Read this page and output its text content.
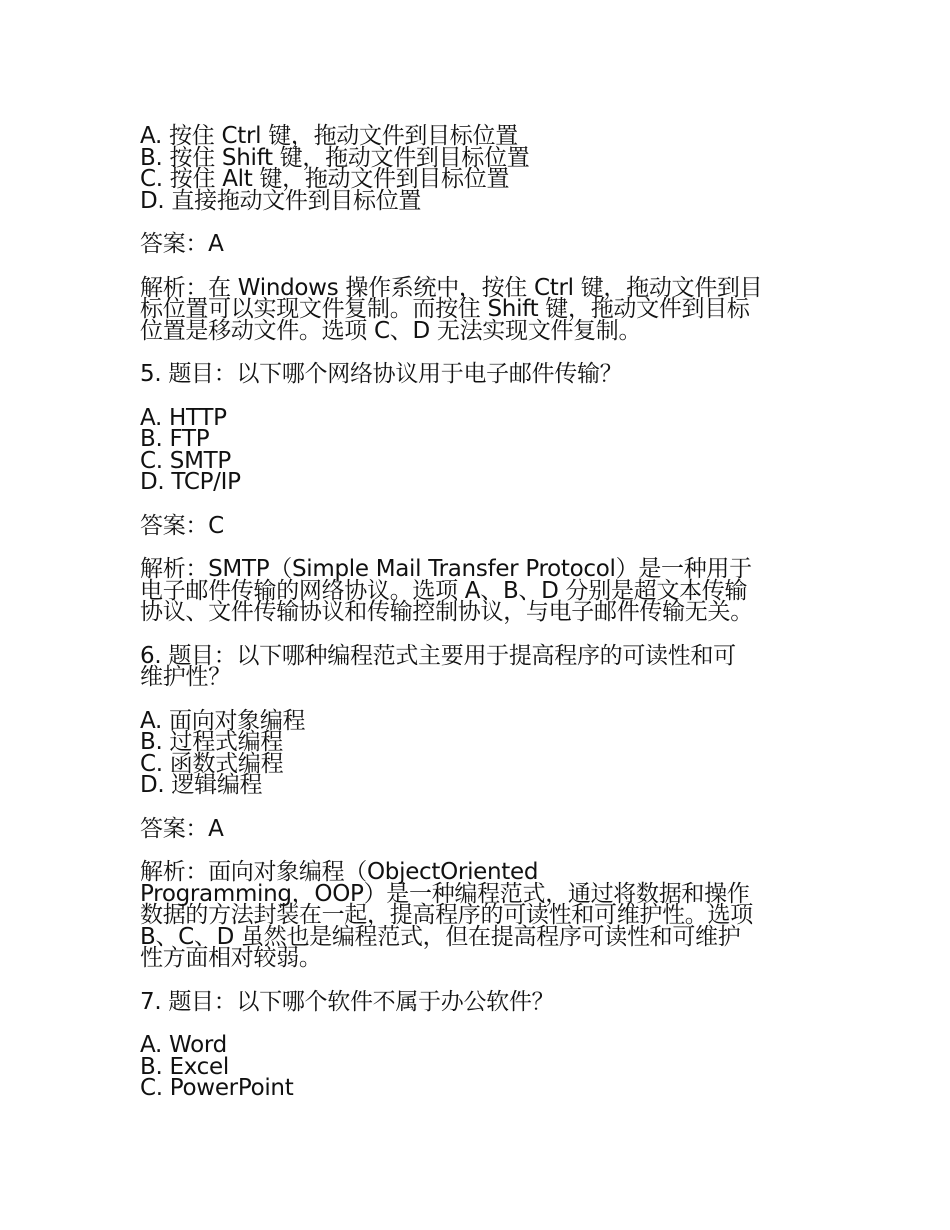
A. 按住 Ctrl 键，拖动文件到目标位置
B. 按住 Shift 键，拖动文件到目标位置
C. 按住 Alt 键，拖动文件到目标位置
D. 直接拖动文件到目标位置
答案：A
解析：在 Windows 操作系统中，按住 Ctrl 键，拖动文件到目
标位置可以实现文件复制。而按住 Shift 键，拖动文件到目标
位置是移动文件。选项 C、D 无法实现文件复制。
5. 题目：以下哪个网络协议用于电子邮件传输？
A. HTTP
B. FTP
C. SMTP
D. TCP/IP
答案：C
解析：SMTP（Simple Mail Transfer Protocol）是一种用于
电子邮件传输的网络协议。选项 A、B、D 分别是超文本传输
协议、文件传输协议和传输控制协议，与电子邮件传输无关。
6. 题目：以下哪种编程范式主要用于提高程序的可读性和可
维护性？
A. 面向对象编程
B. 过程式编程
C. 函数式编程
D. 逻辑编程
答案：A
解析：面向对象编程（ObjectOriented
Programming，OOP）是一种编程范式，通过将数据和操作
数据的方法封装在一起，提高程序的可读性和可维护性。选项
B、C、D 虽然也是编程范式，但在提高程序可读性和可维护
性方面相对较弱。
7. 题目：以下哪个软件不属于办公软件？
A. Word
B. Excel
C. PowerPoint
